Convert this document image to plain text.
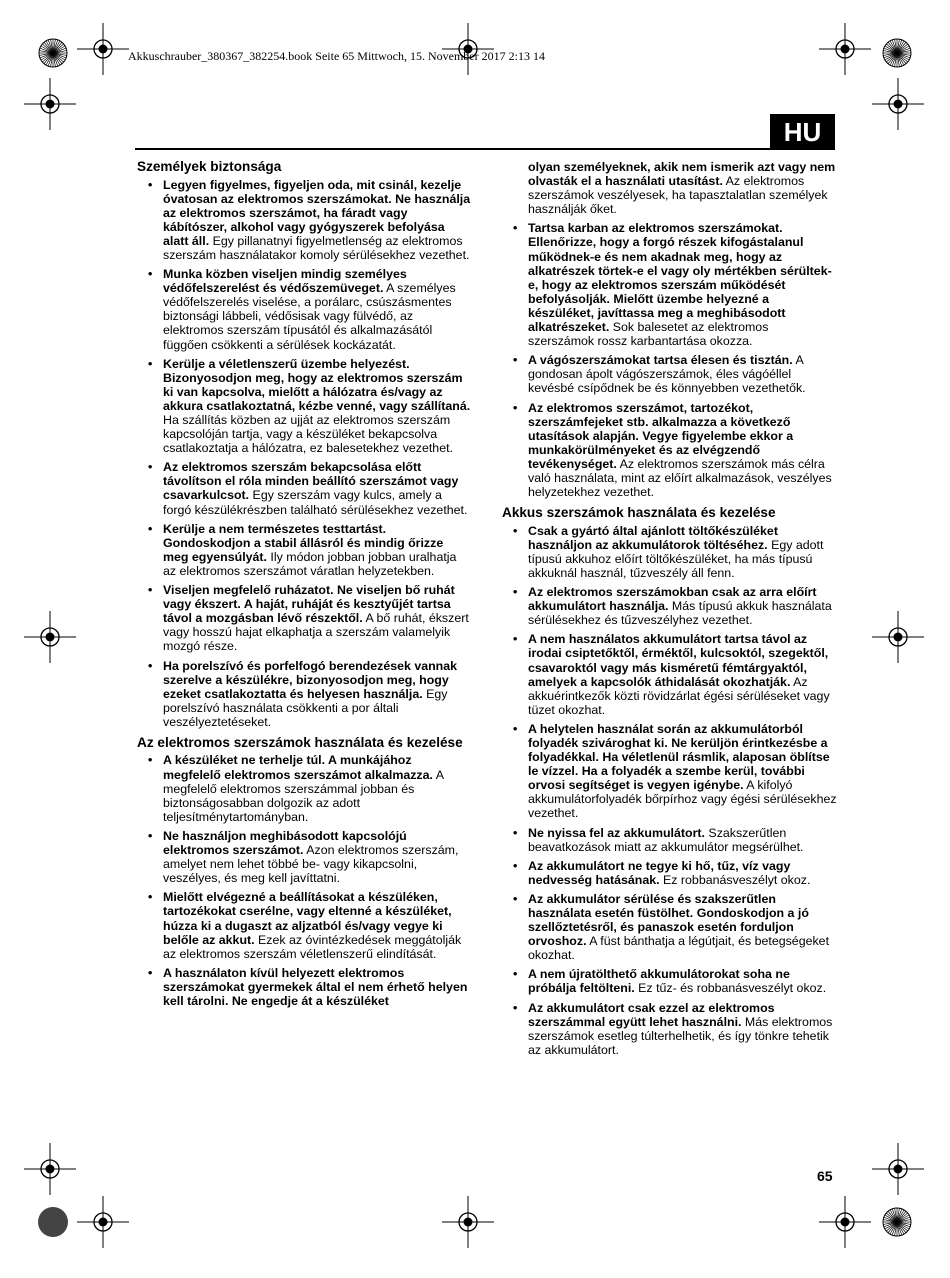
Akkuschrauber_380367_382254.book Seite 65 Mittwoch, 15. November 2017 2:13 14
HU
Személyek biztonsága
• Legyen figyelmes, figyeljen oda, mit csinál, kezelje óvatosan az elektromos szerszámokat. Ne használja az elektromos szerszámot, ha fáradt vagy kábítószer, alkohol vagy gyógyszerek befolyása alatt áll. Egy pillanatnyi figyelmetlenség az elektromos szerszám használatakor komoly sérülésekhez vezethet.
• Munka közben viseljen mindig személyes védőfelszerelést és védőszemüveget. A személyes védőfelszerelés viselése, a porálarc, csúszásmentes biztonsági lábbeli, védősisak vagy fülvédő, az elektromos szerszám típusától és alkalmazásától függően csökkenti a sérülések kockázatát.
• Kerülje a véletlenszerű üzembe helyezést. Bizonyosodjon meg, hogy az elektromos szerszám ki van kapcsolva, mielőtt a hálózatra és/vagy az akkura csatlakoztatná, kézbe venné, vagy szállítaná. Ha szállítás közben az ujját az elektromos szerszám kapcsolóján tartja, vagy a készüléket bekapcsolva csatlakoztatja a hálózatra, ez balesetekhez vezethet.
• Az elektromos szerszám bekapcsolása előtt távolítson el róla minden beállító szerszámot vagy csavarkulcsot. Egy szerszám vagy kulcs, amely a forgó készülékrészben található sérülésekhez vezethet.
• Kerülje a nem természetes testtartást. Gondoskodjon a stabil állásról és mindig őrizze meg egyensúlyát. Ily módon jobban jobban uralhatja az elektromos szerszámot váratlan helyzetekben.
• Viseljen megfelelő ruházatot. Ne viseljen bő ruhát vagy ékszert. A haját, ruháját és kesztyűjét tartsa távol a mozgásban lévő részektől. A bő ruhát, ékszert vagy hosszú hajat elkaphatja a szerszám valamelyik mozgó része.
• Ha porelszívó és porfelfogó berendezések vannak szerelve a készülékre, bizonyosodjon meg, hogy ezeket csatlakoztatta és helyesen használja. Egy porelszívó használata csökkenti a por általi veszélyeztetéseket.
Az elektromos szerszámok használata és kezelése
• A készüléket ne terhelje túl. A munkájához megfelelő elektromos szerszámot alkalmazza. A megfelelő elektromos szerszámmal jobban és biztonságosabban dolgozik az adott teljesítménytartományban.
• Ne használjon meghibásodott kapcsolójú elektromos szerszámot. Azon elektromos szerszám, amelyet nem lehet többé be- vagy kikapcsolni, veszélyes, és meg kell javíttatni.
• Mielőtt elvégezné a beállításokat a készüléken, tartozékokat cserélne, vagy eltenné a készüléket, húzza ki a dugaszt az aljzatból és/vagy vegye ki belőle az akkut. Ezek az óvintézkedések meggátolják az elektromos szerszám véletlenszerű elindítását.
• A használaton kívül helyezett elektromos szerszámokat gyermekek által el nem érhető helyen kell tárolni. Ne engedje át a készüléket
olyan személyeknek, akik nem ismerik azt vagy nem olvasták el a használati utasítást. Az elektromos szerszámok veszélyesek, ha tapasztalatlan személyek használják őket.
• Tartsa karban az elektromos szerszámokat. Ellenőrizze, hogy a forgó részek kifogástalanul működnek-e és nem akadnak meg, hogy az alkatrészek törtek-e el vagy oly mértékben sérültek-e, hogy az elektromos szerszám működését befolyásolják. Mielőtt üzembe helyezné a készüléket, javíttassa meg a meghibásodott alkatrészeket. Sok balesetet az elektromos szerszámok rossz karbantartása okozza.
• A vágószerszámokat tartsa élesen és tisztán. A gondosan ápolt vágószerszámok, éles vágóéllel kevésbé csípődnek be és könnyebben vezethetők.
• Az elektromos szerszámot, tartozékot, szerszámfejeket stb. alkalmazza a következő utasítások alapján. Vegye figyelembe ekkor a munkakörülményeket és az elvégzendő tevékenységet. Az elektromos szerszámok más célra való használata, mint az előírt alkalmazások, veszélyes helyzetekhez vezethet.
Akkus szerszámok használata és kezelése
• Csak a gyártó által ajánlott töltőkészüléket használjon az akkumulátorok töltéséhez. Egy adott típusú akkuhoz előírt töltőkészüléket, ha más típusú akkuknál használ, tűzveszély áll fenn.
• Az elektromos szerszámokban csak az arra előírt akkumulátort használja. Más típusú akkuk használata sérülésekhez és tűzveszélyhez vezethet.
• A nem használatos akkumulátort tartsa távol az irodai csiptetőktől, érméktől, kulcsoktól, szegektől, csavaroktól vagy más kisméretű fémtárgyaktól, amelyek a kapcsolók áthidalását okozhatják. Az akkuérintkezők közti rövidzárlat égési sérüléseket vagy tüzet okozhat.
• A helytelen használat során az akkumulátorból folyadék szivároghat ki. Ne kerüljön érintkezésbe a folyadékkal. Ha véletlenül rásmlik, alaposan öblítse le vízzel. Ha a folyadék a szembe kerül, további orvosi segítséget is vegyen igénybe. A kifolyó akkumulátorfolyadék bőrpírhoz vagy égési sérülésekhez vezethet.
• Ne nyissa fel az akkumulátort. Szakszerűtlen beavatkozások miatt az akkumulátor megsérülhet.
• Az akkumulátort ne tegye ki hő, tűz, víz vagy nedvesség hatásának. Ez robbanásveszélyt okoz.
• Az akkumulátor sérülése és szakszerűtlen használata esetén füstölhet. Gondoskodjon a jó szellőztetésről, és panaszok esetén forduljon orvoshoz. A füst bánthatja a légútjait, és betegségeket okozhat.
• A nem újratölthető akkumulátorokat soha ne próbálja feltölteni. Ez tűz- és robbanásveszélyt okoz.
• Az akkumulátort csak ezzel az elektromos szerszámmal együtt lehet használni. Más elektromos szerszámok esetleg túlterhelhetik, és így tönkre tehetik az akkumulátort.
65
